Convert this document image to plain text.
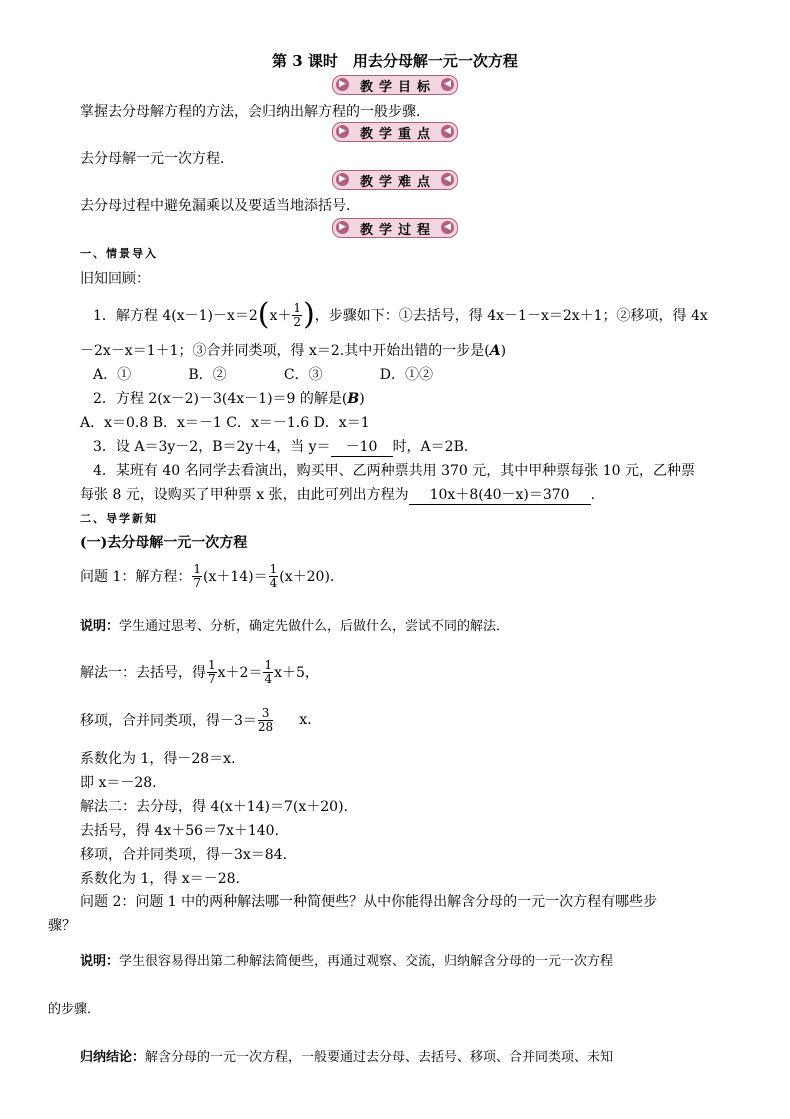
第 3 课时　用去分母解一元一次方程
▶ 教学目标 ◀
掌握去分母解方程的方法，会归纳出解方程的一般步骤．
▶ 教学重点 ◀
去分母解一元一次方程．
▶ 教学难点 ◀
去分母过程中避免漏乘以及要适当地添括号．
▶ 教学过程 ◀
一、情景导入
旧知回顾：
1．解方程 4(x－1)－x＝2 ( $x+ \frac{1}{2}$ ) ，步骤如下：①去括号，得 4x－1－x＝2x＋1；②移项，得 4x
－2x－x＝1＋1；③合并同类项，得 x＝2.其中开始出错的一步是(A)
A．①	B．②	C．③	D．①②
2．方程 2(x－2)－3(4x－1)＝9 的解是(B)
A．x＝0.8 B．x＝－1 C．x＝－1.6 D．x＝1
3．设 A＝3y－2，B＝2y＋4，当 y＝ －10 时，A＝2B.
4．某班有 40 名同学去看演出，购买甲、乙两种票共用 370 元，其中甲种票每张 10 元，乙种票
每张 8 元，设购买了甲种票 x 张，由此可列出方程为 10x＋8(40－x)＝370 .
二、导学新知
(一)去分母解一元一次方程
问题 1：解方程： $\frac{1}{7} (x+14)= \frac{1}{4} (x+20)$.
说明：学生通过思考、分析，确定先做什么，后做什么，尝试不同的解法．
解法一：去括号，得 $\frac{1}{7} x+2= \frac{1}{4} x+5$，
移项，合并同类项，得$-3= \frac{3}{28} x$.
系数化为 1，得－28＝x.
即 x＝－28.
解法二：去分母，得 4(x＋14)＝7(x＋20).
去括号，得 4x＋56＝7x＋140.
移项，合并同类项，得－3x＝84.
系数化为 1，得 x＝－28.
问题 2：问题 1 中的两种解法哪一种简便些？从中你能得出解含分母的一元一次方程有哪些步
骤？
说明：学生很容易得出第二种解法简便些，再通过观察、交流，归纳解含分母的一元一次方程
的步骤．
归纳结论：解含分母的一元一次方程，一般要通过去分母、去括号、移项、合并同类项、未知
